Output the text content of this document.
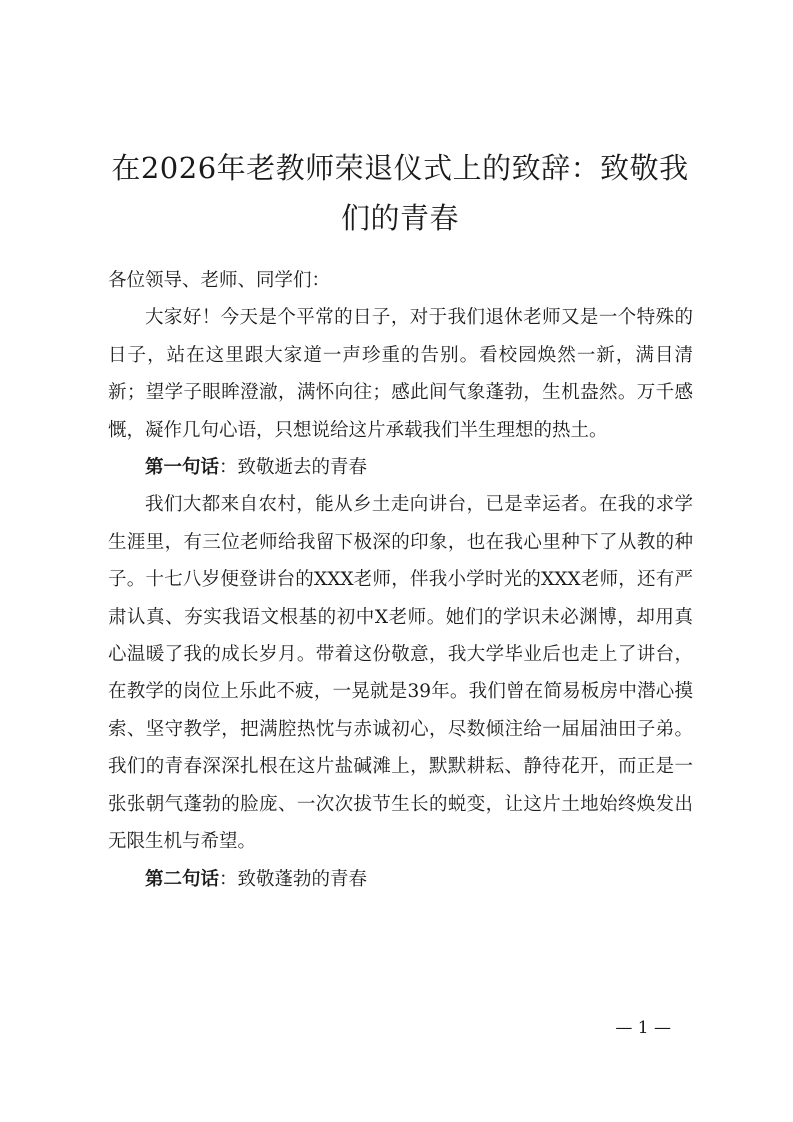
在2026年老教师荣退仪式上的致辞：致敬我们的青春

各位领导、老师、同学们：

大家好！今天是个平常的日子，对于我们退休老师又是一个特殊的日子，站在这里跟大家道一声珍重的告别。看校园焕然一新，满目清新；望学子眼眸澄澈，满怀向往；感此间气象蓬勃，生机盎然。万千感慨，凝作几句心语，只想说给这片承载我们半生理想的热土。

第一句话：致敬逝去的青春

我们大都来自农村，能从乡土走向讲台，已是幸运者。在我的求学生涯里，有三位老师给我留下极深的印象，也在我心里种下了从教的种子。十七八岁便登讲台的XXX老师，伴我小学时光的XXX老师，还有严肃认真、夯实我语文根基的初中X老师。她们的学识未必渊博，却用真心温暖了我的成长岁月。带着这份敬意，我大学毕业后也走上了讲台，在教学的岗位上乐此不疲，一晃就是39年。我们曾在简易板房中潜心摸索、坚守教学，把满腔热忱与赤诚初心，尽数倾注给一届届油田子弟。我们的青春深深扎根在这片盐碱滩上，默默耕耘、静待花开，而正是一张张朝气蓬勃的脸庞、一次次拔节生长的蜕变，让这片土地始终焕发出无限生机与希望。

第二句话：致敬蓬勃的青春

— 1 —
